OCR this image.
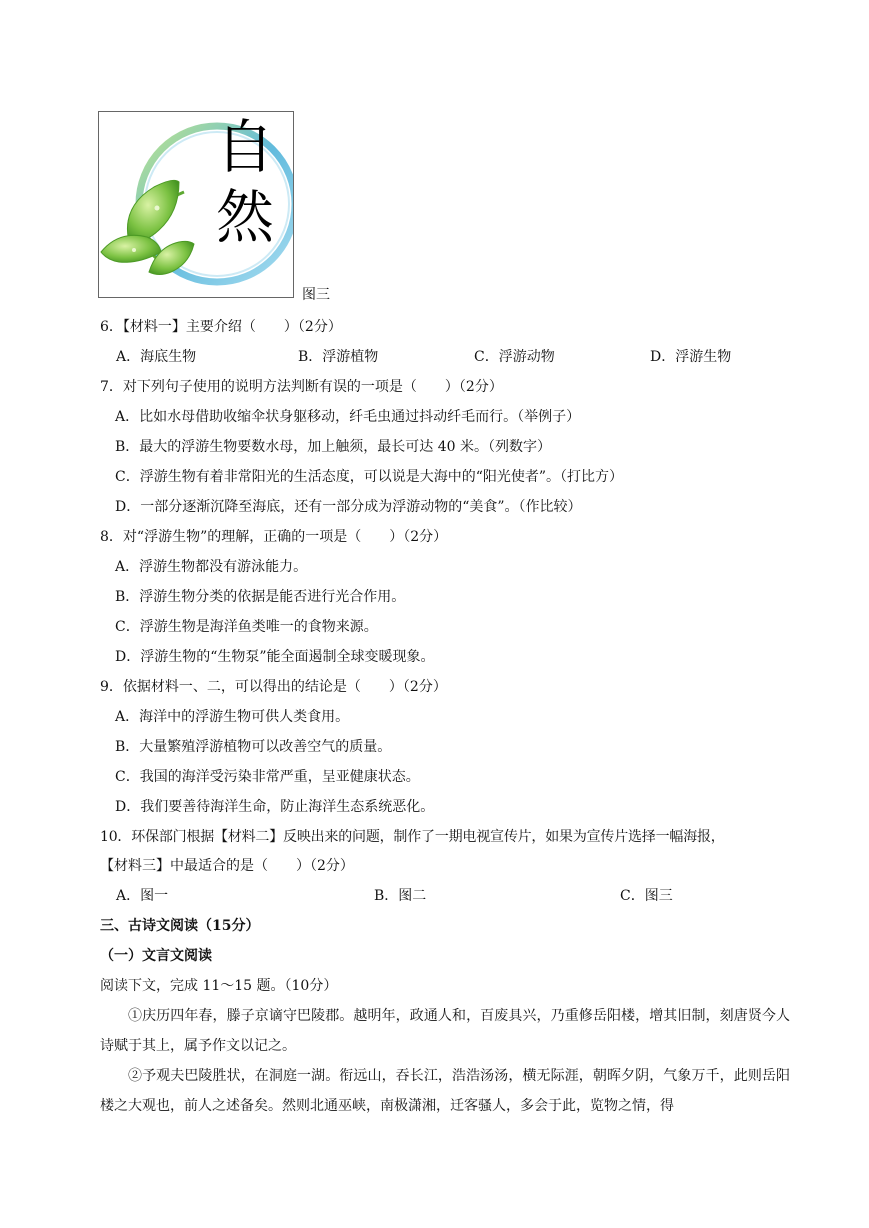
自
然
图三
6．【材料一】主要介绍（　　）（2分）
A．海底生物	B．浮游植物	C．浮游动物	D．浮游生物
7．对下列句子使用的说明方法判断有误的一项是（　　）（2分）
A．比如水母借助收缩伞状身躯移动，纤毛虫通过抖动纤毛而行。（举例子）
B．最大的浮游生物要数水母，加上触须，最长可达 40 米。（列数字）
C．浮游生物有着非常阳光的生活态度，可以说是大海中的“阳光使者”。（打比方）
D．一部分逐渐沉降至海底，还有一部分成为浮游动物的“美食”。（作比较）
8．对“浮游生物”的理解，正确的一项是（　　）（2分）
A．浮游生物都没有游泳能力。
B．浮游生物分类的依据是能否进行光合作用。
C．浮游生物是海洋鱼类唯一的食物来源。
D．浮游生物的“生物泵”能全面遏制全球变暖现象。
9．依据材料一、二，可以得出的结论是（　　）（2分）
A．海洋中的浮游生物可供人类食用。
B．大量繁殖浮游植物可以改善空气的质量。
C．我国的海洋受污染非常严重，呈亚健康状态。
D．我们要善待海洋生命，防止海洋生态系统恶化。
10．环保部门根据【材料二】反映出来的问题，制作了一期电视宣传片，如果为宣传片选择一幅海报，
【材料三】中最适合的是（　　）（2分）
A．图一	B．图二	C．图三
三、古诗文阅读（15分）
（一）文言文阅读
阅读下文，完成 11～15 题。（10分）
①庆历四年春，滕子京谪守巴陵郡。越明年，政通人和，百废具兴，乃重修岳阳楼，增其旧制，刻唐贤今人诗赋于其上，属予作文以记之。
②予观夫巴陵胜状，在洞庭一湖。衔远山，吞长江，浩浩汤汤，横无际涯，朝晖夕阴，气象万千，此则岳阳楼之大观也，前人之述备矣。然则北通巫峡，南极潇湘，迁客骚人，多会于此，览物之情，得
